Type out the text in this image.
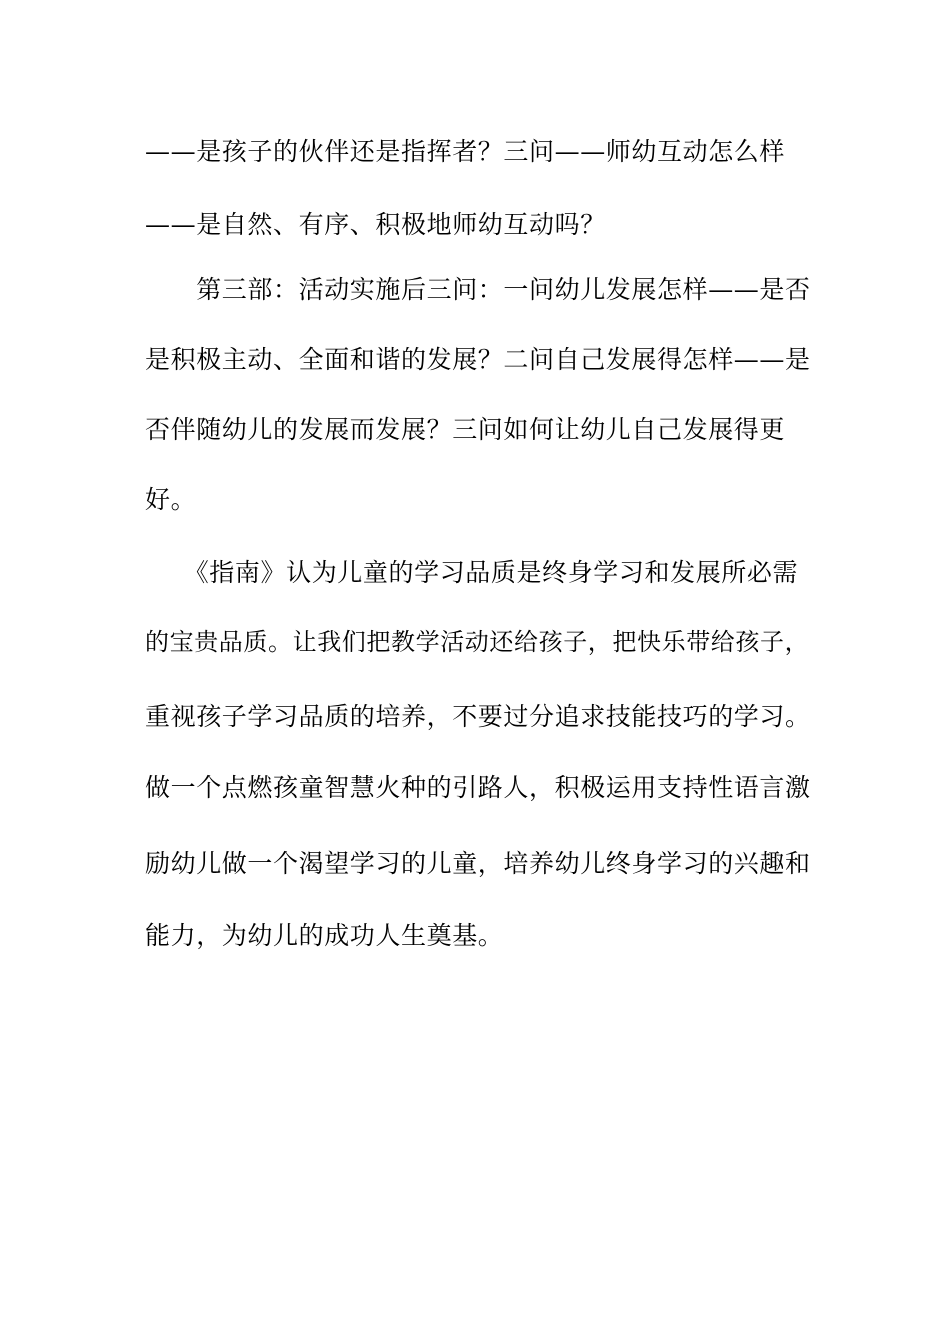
——是孩子的伙伴还是指挥者？三问——师幼互动怎么样
——是自然、有序、积极地师幼互动吗？
　　第三部：活动实施后三问：一问幼儿发展怎样——是否
是积极主动、全面和谐的发展？二问自己发展得怎样——是
否伴随幼儿的发展而发展？三问如何让幼儿自己发展得更
好。
　　《指南》认为儿童的学习品质是终身学习和发展所必需
的宝贵品质。让我们把教学活动还给孩子，把快乐带给孩子，
重视孩子学习品质的培养，不要过分追求技能技巧的学习。
做一个点燃孩童智慧火种的引路人，积极运用支持性语言激
励幼儿做一个渴望学习的儿童，培养幼儿终身学习的兴趣和
能力，为幼儿的成功人生奠基。
